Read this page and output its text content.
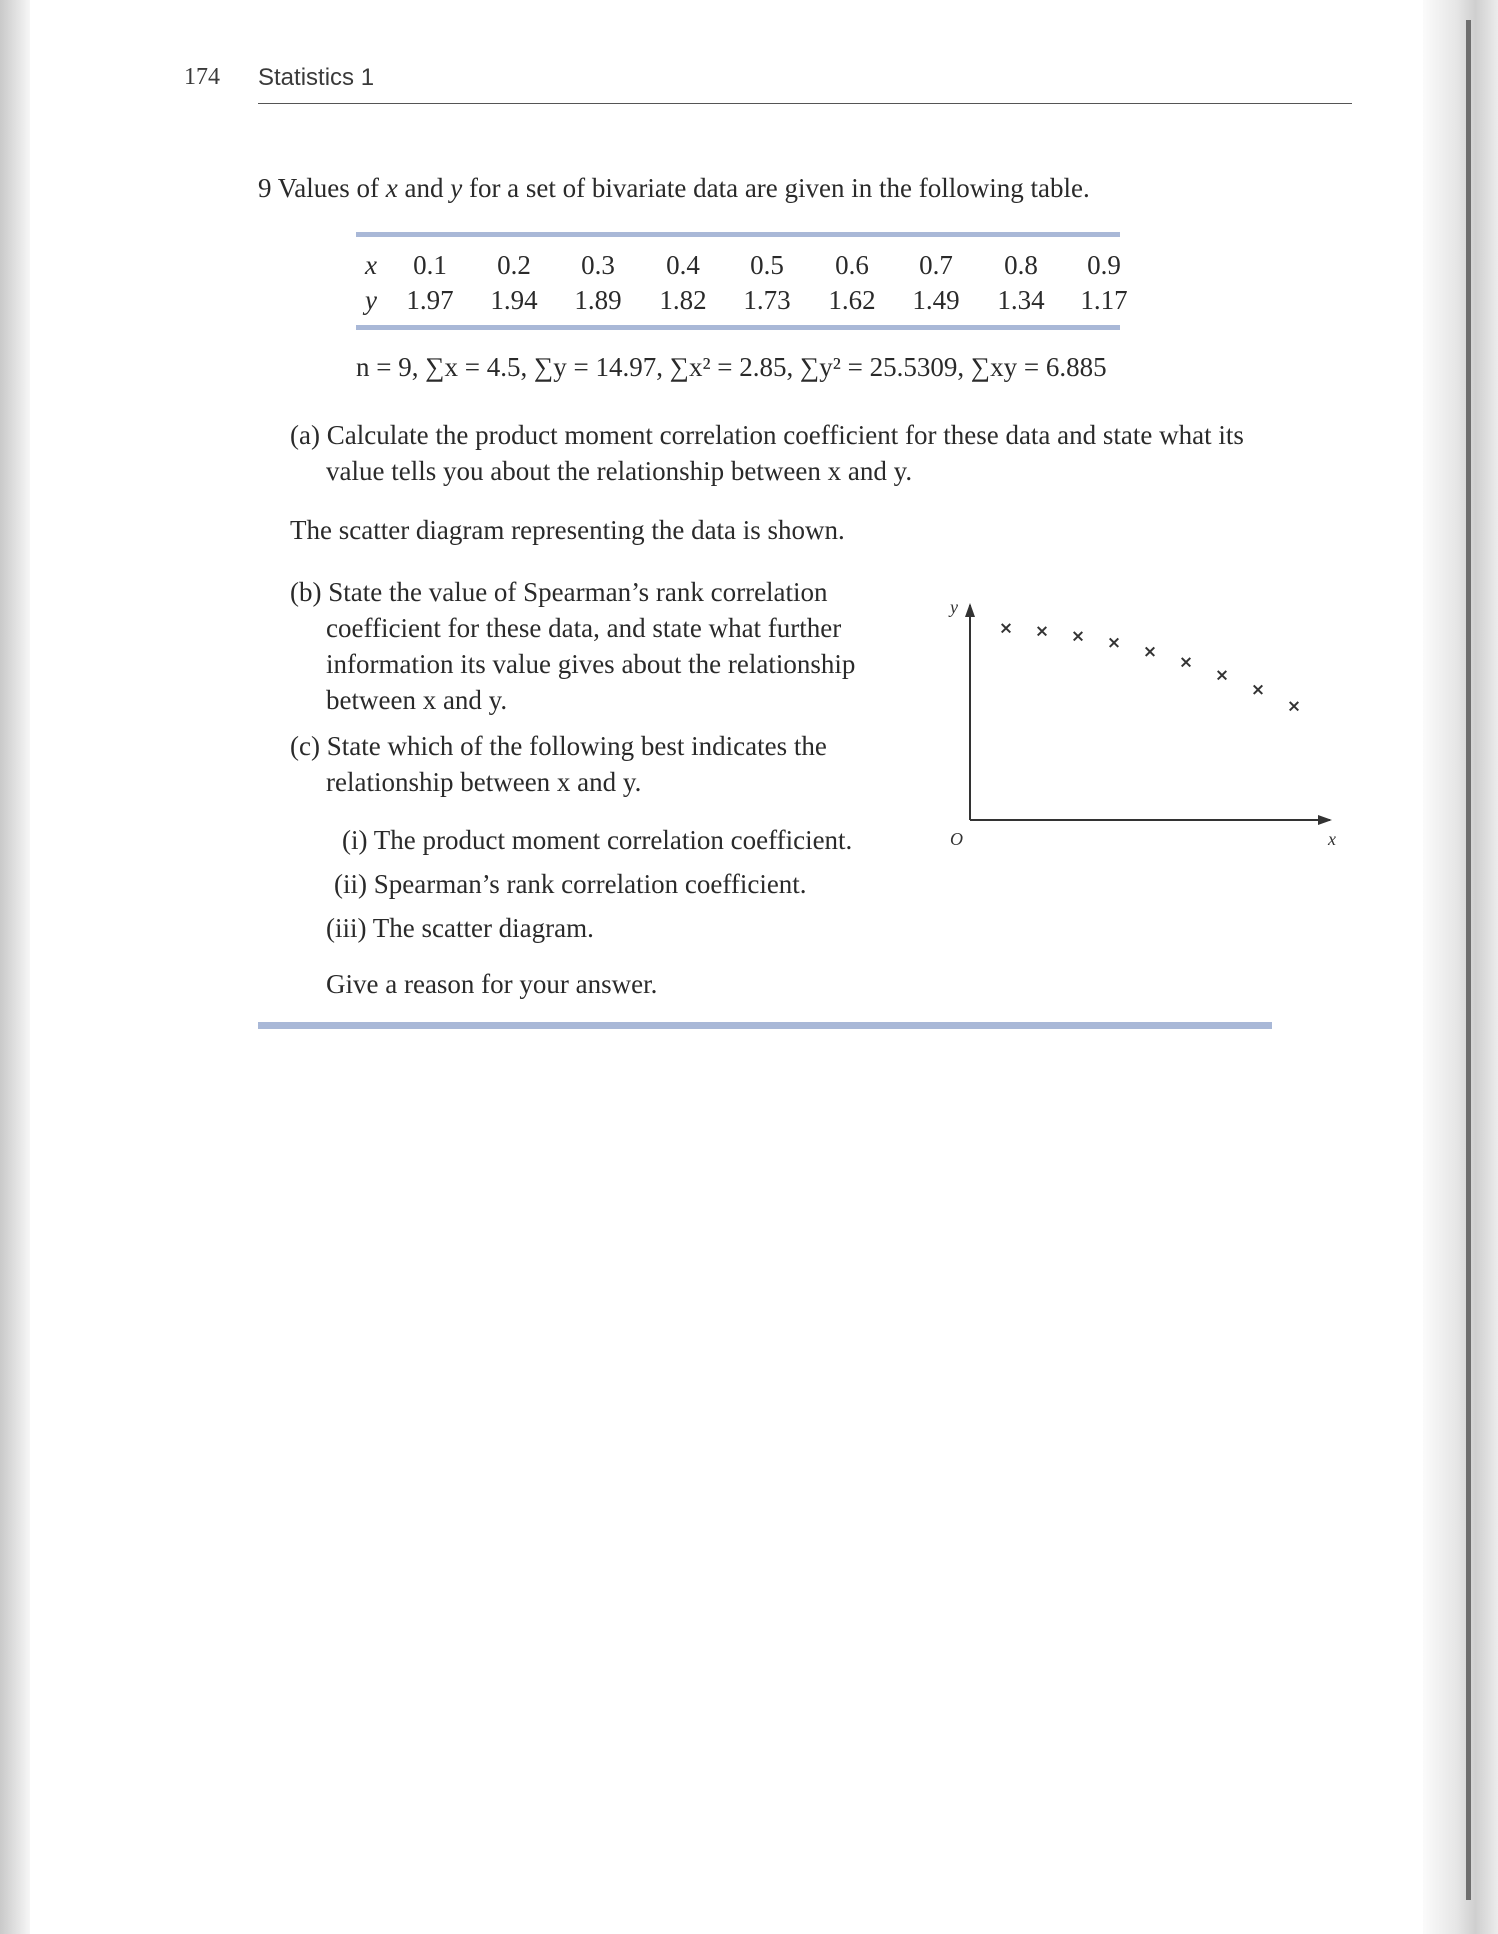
174 Statistics 1
9 Values of x and y for a set of bivariate data are given in the following table.
x	0.1	0.2	0.3	0.4	0.5	0.6	0.7	0.8	0.9
y	1.97	1.94	1.89	1.82	1.73	1.62	1.49	1.34	1.17
n = 9, ∑x = 4.5, ∑y = 14.97, ∑x² = 2.85, ∑y² = 25.5309, ∑xy = 6.885
(a) Calculate the product moment correlation coefficient for these data and state what its
value tells you about the relationship between x and y.
The scatter diagram representing the data is shown.
(b) State the value of Spearman’s rank correlation
coefficient for these data, and state what further
information its value gives about the relationship
between x and y.
(c) State which of the following best indicates the
relationship between x and y.
(i) The product moment correlation coefficient.
(ii) Spearman’s rank correlation coefficient.
(iii) The scatter diagram.
Give a reason for your answer.
x
y
O
× × × × ×
×
×
×
×
